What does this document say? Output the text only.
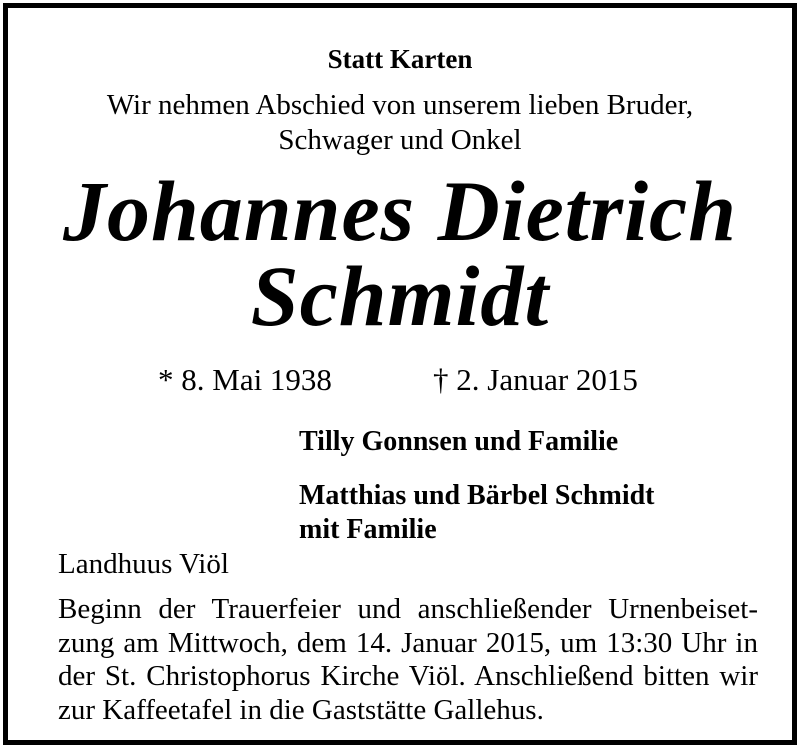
Statt Karten
Wir nehmen Abschied von unserem lieben Bruder,
Schwager und Onkel
Johannes Dietrich
Schmidt
* 8. Mai 1938	† 2. Januar 2015
Tilly Gonnsen und Familie
Matthias und Bärbel Schmidt
mit Familie
Landhuus Viöl
Beginn der Trauerfeier und anschließender Urnenbeiset-
zung am Mittwoch, dem 14. Januar 2015, um 13:30 Uhr in
der St. Christophorus Kirche Viöl. Anschließend bitten wir
zur Kaffeetafel in die Gaststätte Gallehus.
